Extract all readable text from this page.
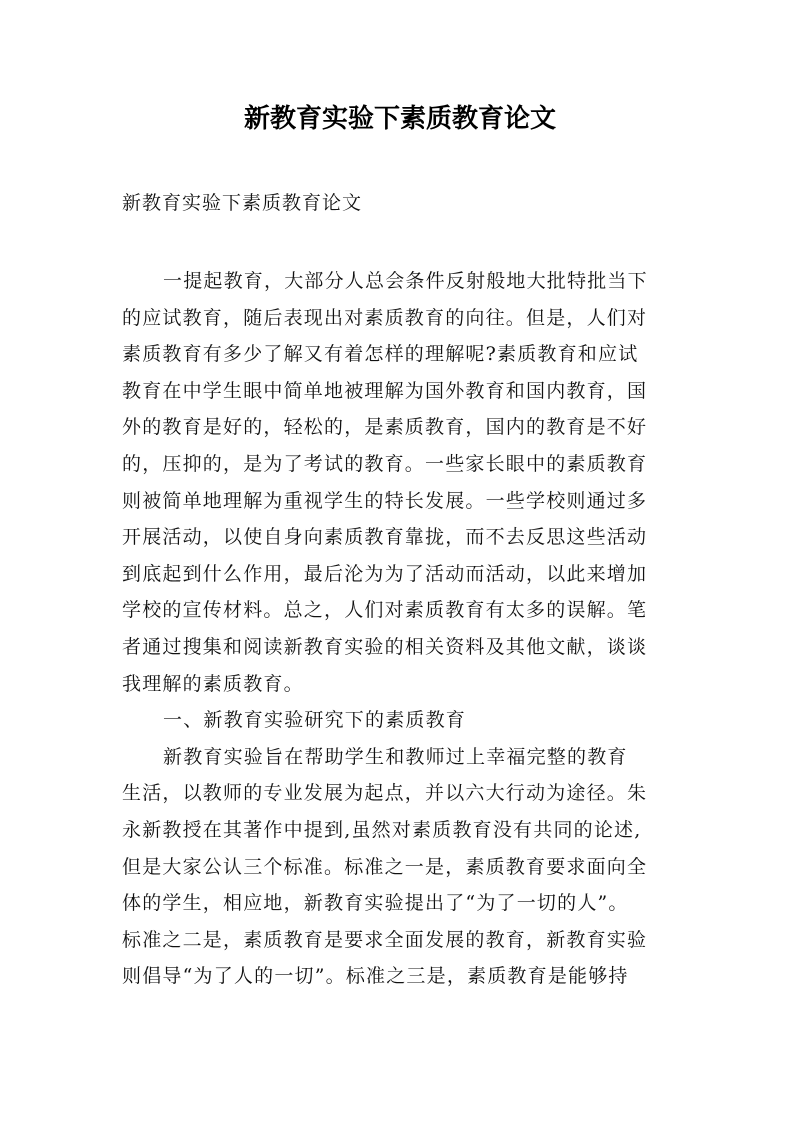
新教育实验下素质教育论文

新教育实验下素质教育论文

一提起教育，大部分人总会条件反射般地大批特批当下

的应试教育，随后表现出对素质教育的向往。但是，人们对

素质教育有多少了解又有着怎样的理解呢?素质教育和应试

教育在中学生眼中简单地被理解为国外教育和国内教育，国

外的教育是好的，轻松的，是素质教育，国内的教育是不好

的，压抑的，是为了考试的教育。一些家长眼中的素质教育

则被简单地理解为重视学生的特长发展。一些学校则通过多

开展活动，以使自身向素质教育靠拢，而不去反思这些活动

到底起到什么作用，最后沦为为了活动而活动，以此来增加

学校的宣传材料。总之，人们对素质教育有太多的误解。笔

者通过搜集和阅读新教育实验的相关资料及其他文献，谈谈

我理解的素质教育。

一、新教育实验研究下的素质教育

新教育实验旨在帮助学生和教师过上幸福完整的教育

生活，以教师的专业发展为起点，并以六大行动为途径。朱

永新教授在其著作中提到,虽然对素质教育没有共同的论述,

但是大家公认三个标准。标准之一是，素质教育要求面向全

体的学生，相应地，新教育实验提出了“为了一切的人”。

标准之二是，素质教育是要求全面发展的教育，新教育实验

则倡导“为了人的一切”。标准之三是，素质教育是能够持
